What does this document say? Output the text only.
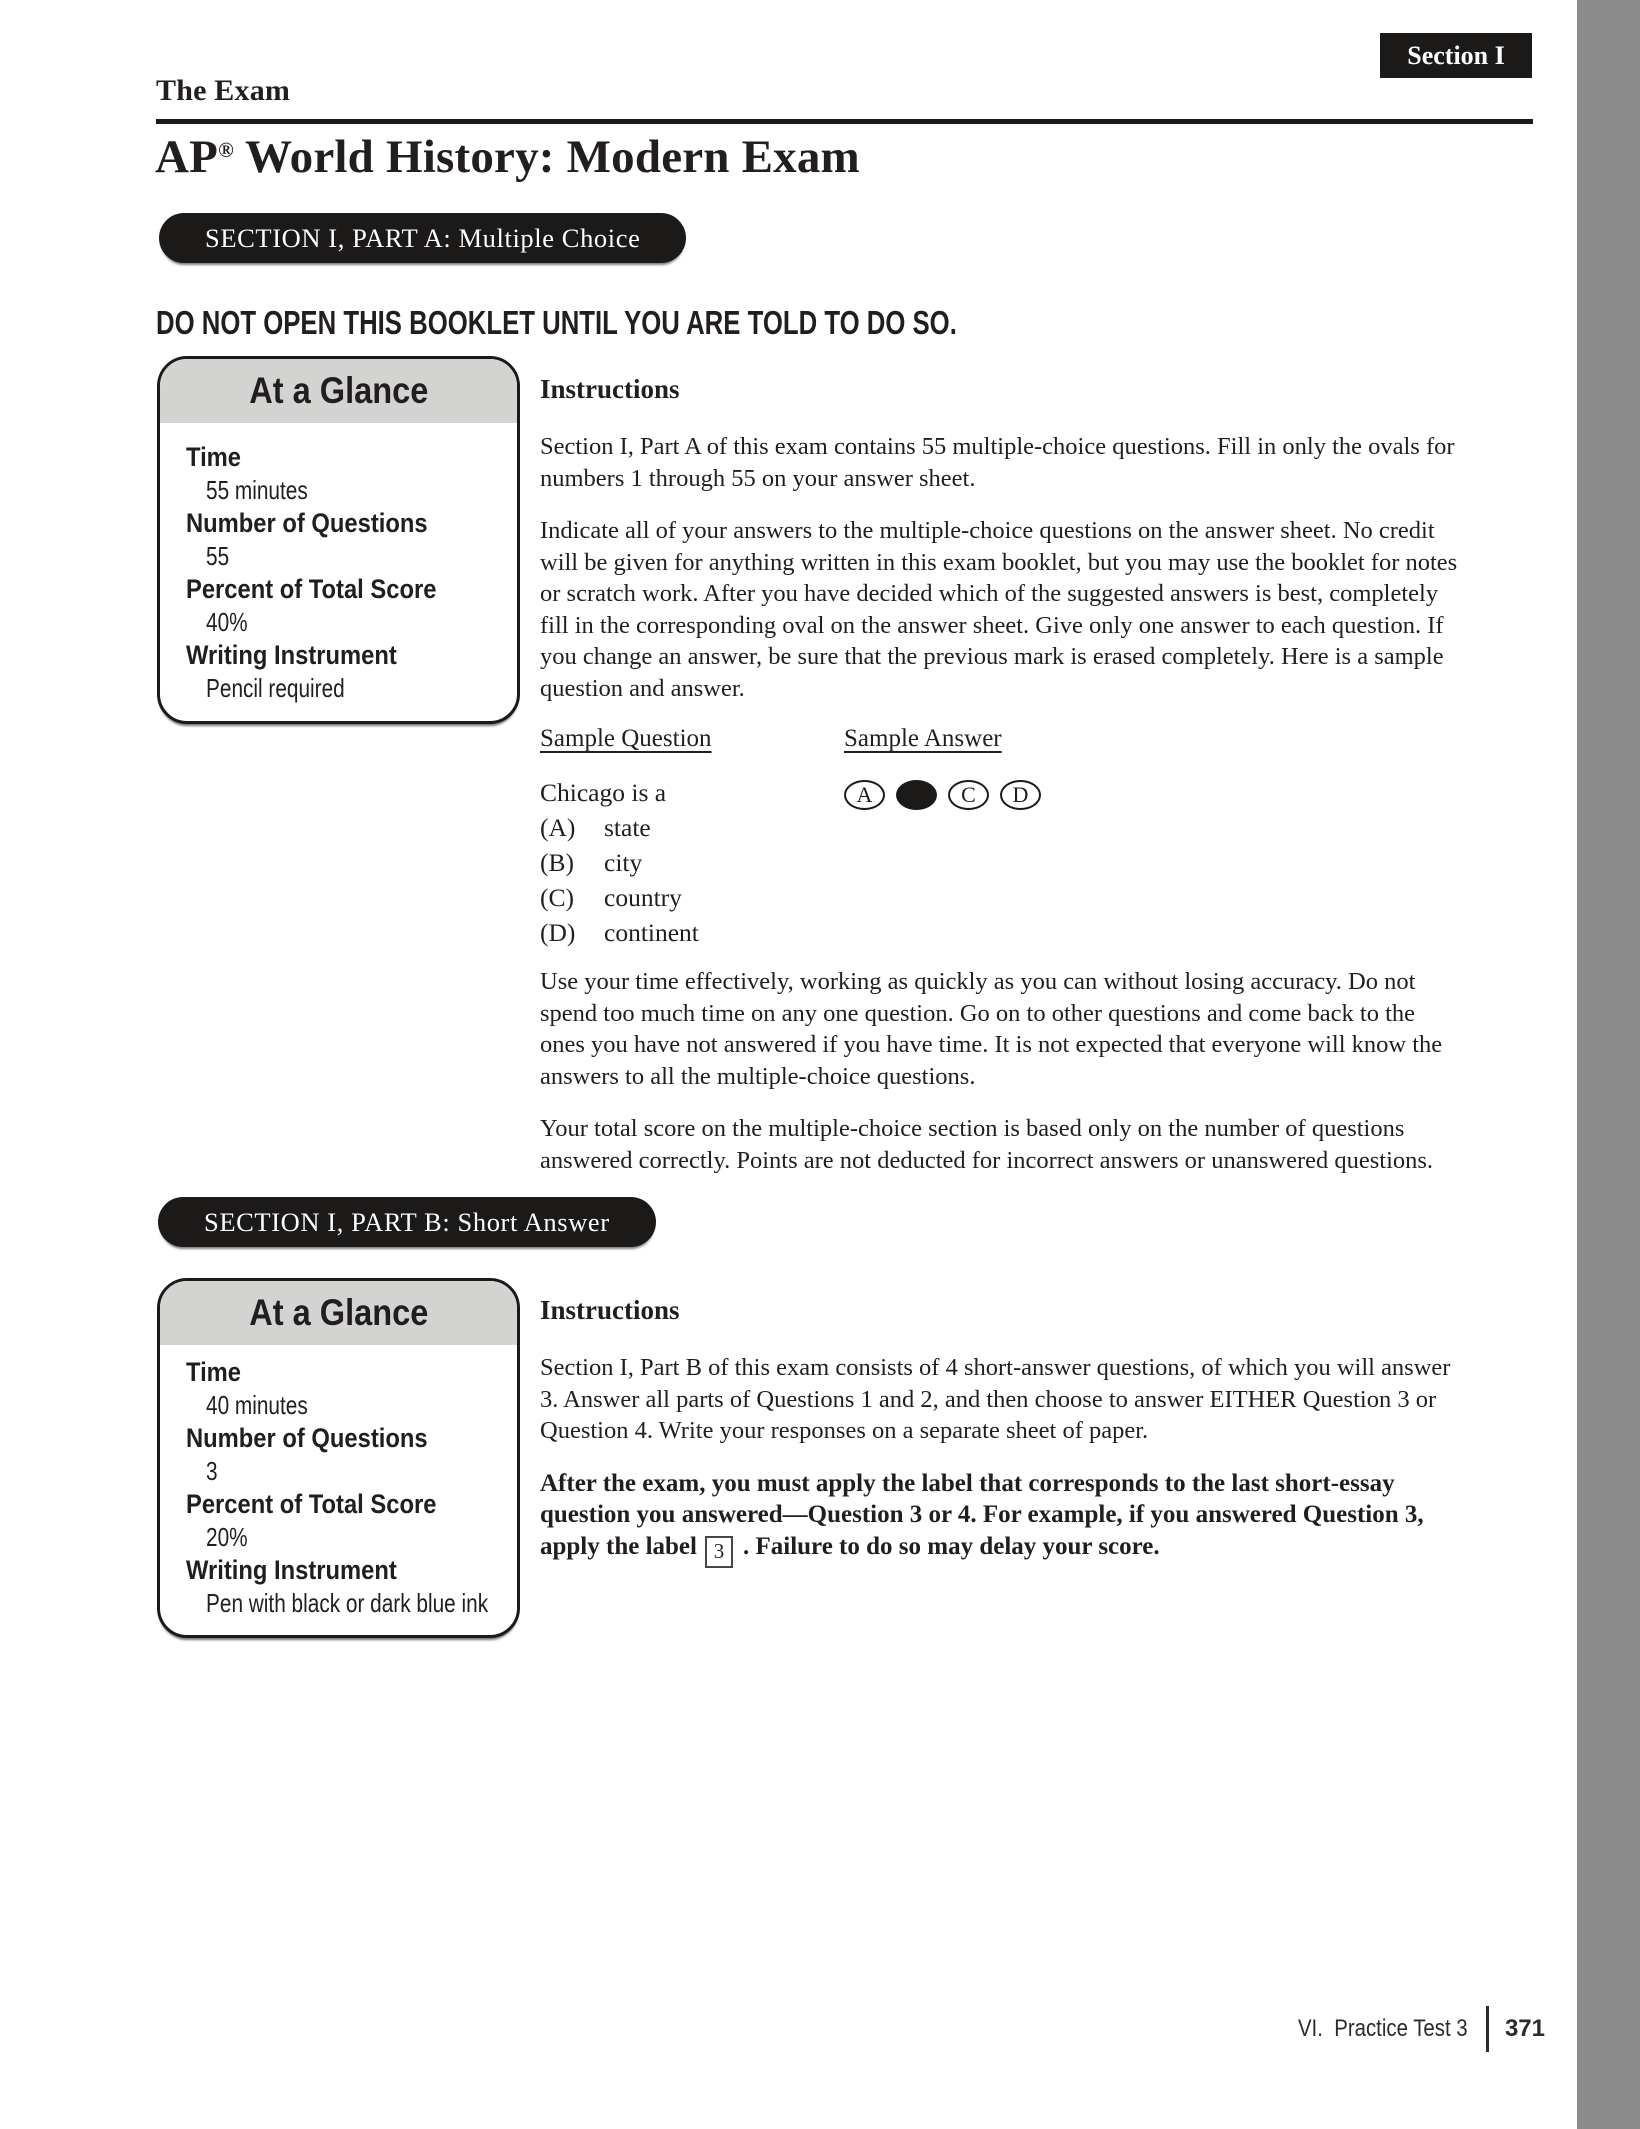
Section I
The Exam
AP® World History: Modern Exam
SECTION I, PART A: Multiple Choice
DO NOT OPEN THIS BOOKLET UNTIL YOU ARE TOLD TO DO SO.
At a Glance
Time
55 minutes
Number of Questions
55
Percent of Total Score
40%
Writing Instrument
Pencil required
Instructions

Section I, Part A of this exam contains 55 multiple-choice questions. Fill in only the ovals for
numbers 1 through 55 on your answer sheet.

Indicate all of your answers to the multiple-choice questions on the answer sheet. No credit
will be given for anything written in this exam booklet, but you may use the booklet for notes
or scratch work. After you have decided which of the suggested answers is best, completely
fill in the corresponding oval on the answer sheet. Give only one answer to each question. If
you change an answer, be sure that the previous mark is erased completely. Here is a sample
question and answer.

Sample Question
Chicago is a
(A)	state
(B)	city
(C)	country
(D)	continent
Sample Answer
A	C D

Use your time effectively, working as quickly as you can without losing accuracy. Do not
spend too much time on any one question. Go on to other questions and come back to the
ones you have not answered if you have time. It is not expected that everyone will know the
answers to all the multiple-choice questions.

Your total score on the multiple-choice section is based only on the number of questions
answered correctly. Points are not deducted for incorrect answers or unanswered questions.

SECTION I, PART B: Short Answer
At a Glance
Time
40 minutes
Number of Questions
3
Percent of Total Score
20%
Writing Instrument
Pen with black or dark blue ink
Instructions

Section I, Part B of this exam consists of 4 short-answer questions, of which you will answer
3. Answer all parts of Questions 1 and 2, and then choose to answer EITHER Question 3 or
Question 4. Write your responses on a separate sheet of paper.

After the exam, you must apply the label that corresponds to the last short-essay
question you answered—Question 3 or 4. For example, if you answered Question 3,

apply the label 3 . Failure to do so may delay your score.
VI. Practice Test 3 371
